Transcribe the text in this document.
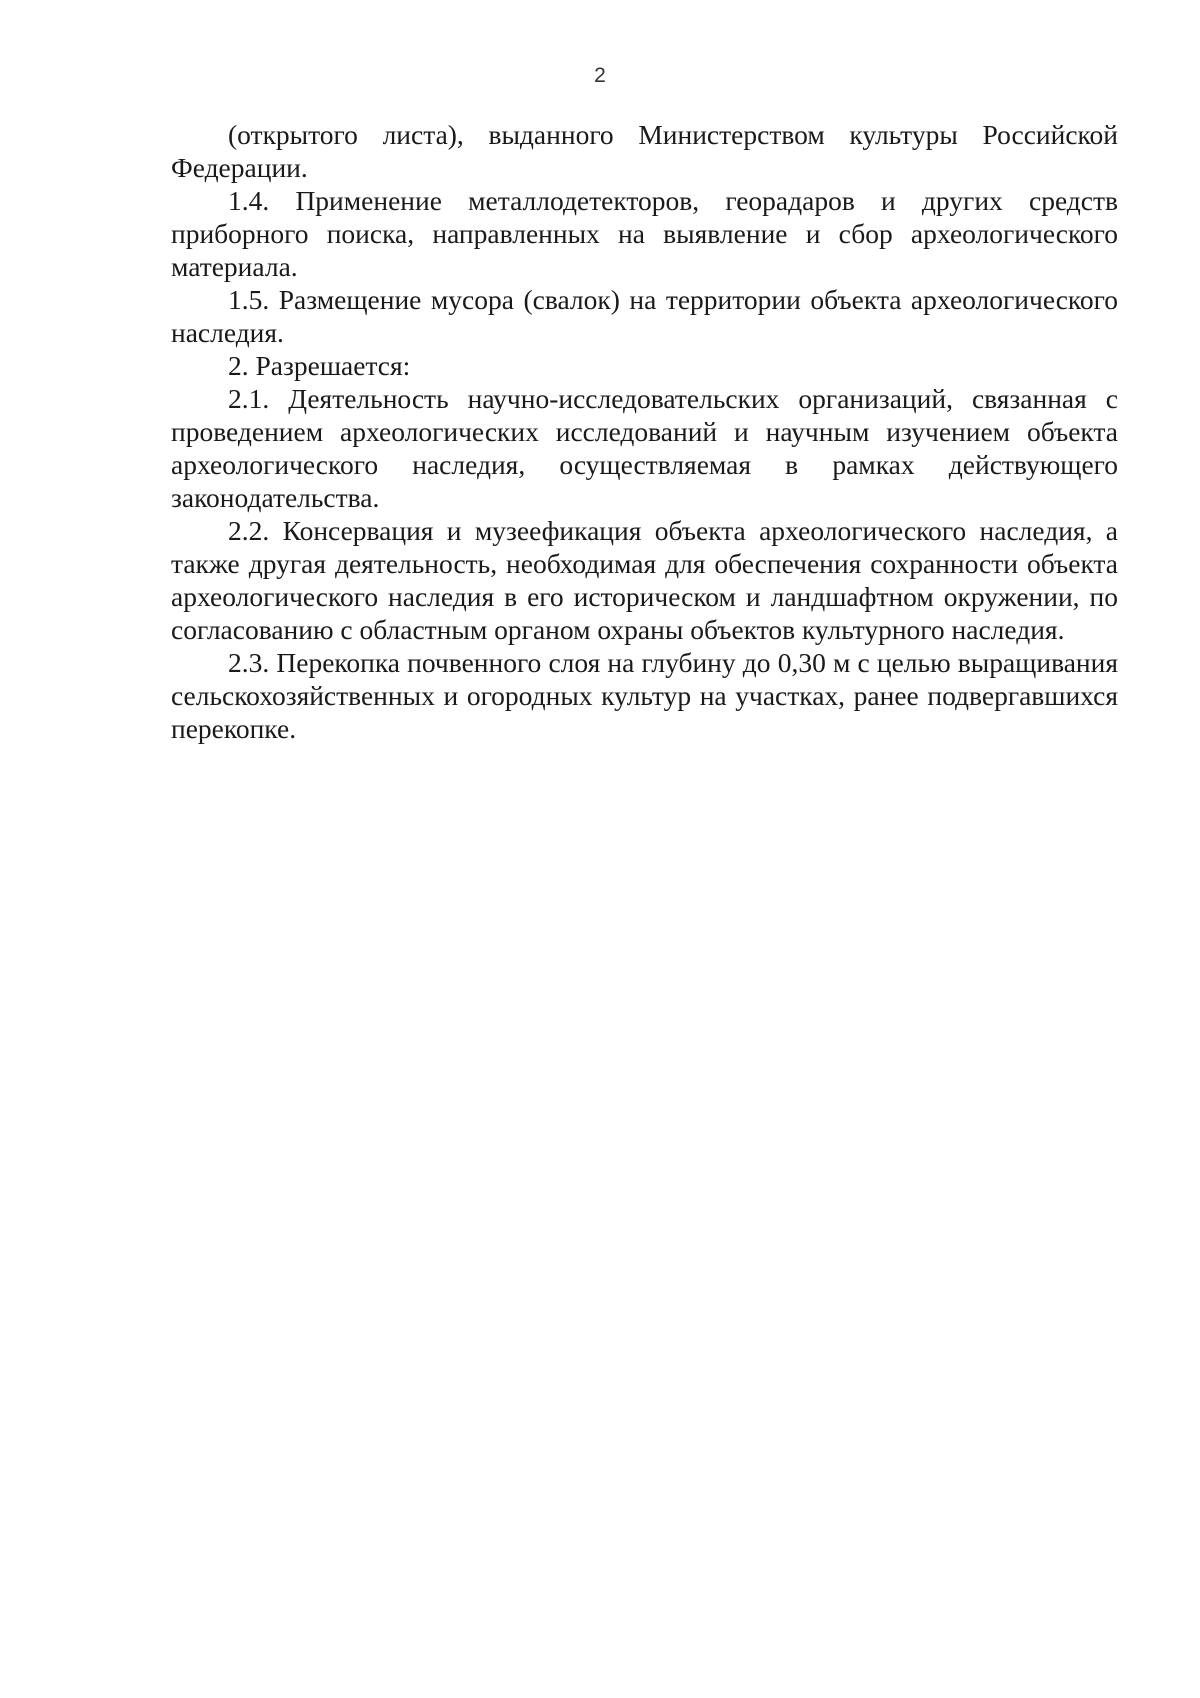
2

(открытого листа), выданного Министерством культуры Российской Федерации.

1.4. Применение металлодетекторов, георадаров и других средств приборного поиска, направленных на выявление и сбор археологического материала.

1.5. Размещение мусора (свалок) на территории объекта археологического наследия.

2. Разрешается:

2.1. Деятельность научно-исследовательских организаций, связанная с проведением археологических исследований и научным изучением объекта археологического наследия, осуществляемая в рамках действующего законодательства.

2.2. Консервация и музеефикация объекта археологического наследия, а также другая деятельность, необходимая для обеспечения сохранности объекта археологического наследия в его историческом и ландшафтном окружении, по согласованию с областным органом охраны объектов культурного наследия.

2.3. Перекопка почвенного слоя на глубину до 0,30 м с целью выращивания сельскохозяйственных и огородных культур на участках, ранее подвергавшихся перекопке.
